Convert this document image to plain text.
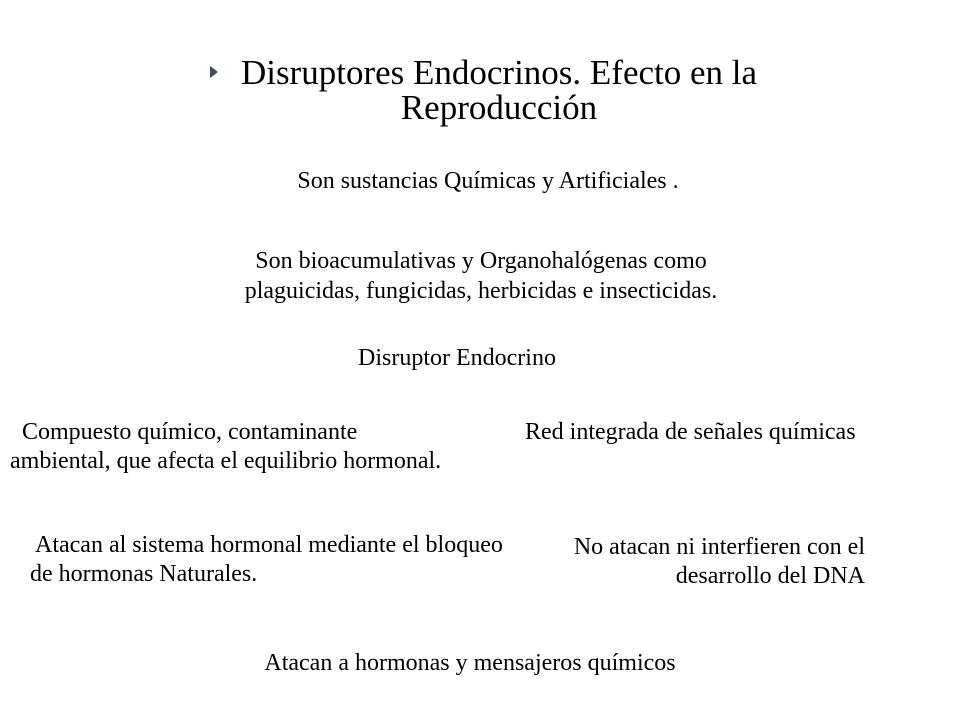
Disruptores Endocrinos. Efecto en la Reproducción

Son sustancias Químicas y Artificiales .

Son bioacumulativas y Organohalógenas como plaguicidas, fungicidas, herbicidas e insecticidas.

Disruptor Endocrino

Compuesto químico, contaminante ambiental, que afecta el equilibrio hormonal.

Red integrada de señales químicas

Atacan al sistema hormonal mediante el bloqueo de hormonas Naturales.

No atacan ni interfieren con el desarrollo del DNA

Atacan a hormonas y mensajeros químicos
